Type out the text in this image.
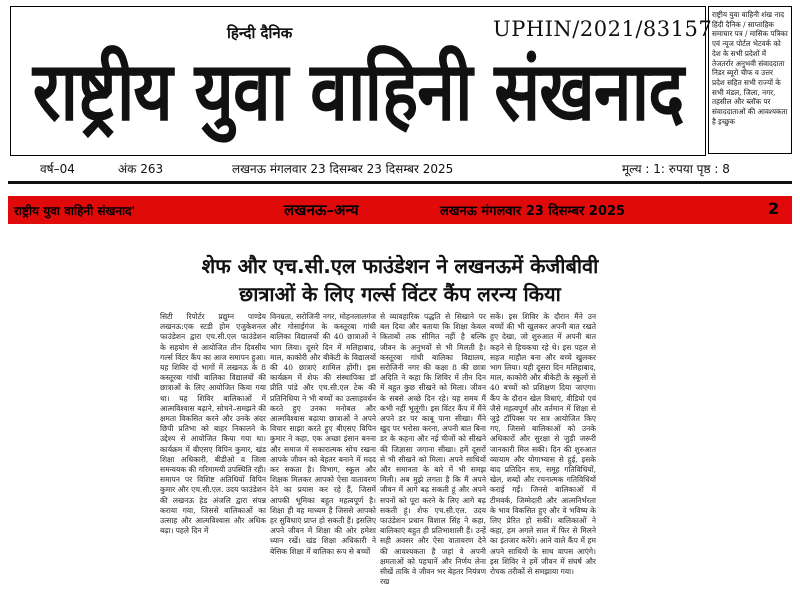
हिन्दी दैनिक	UPHIN/2021/83157
राष्ट्रीय युवा वाहिनी संखनाद
राष्ट्रीय युवा वाहिनी शंख नाद हिंदी दैनिक / साप्ताहिक समाचार पत्र / मासिक पत्रिका एवं न्यूज पोर्टल भेटवर्क को देश के सभी प्रदेशों में तेजतर्रार अनुभवी संवाददाता निडर ब्यूरो चीफ व उत्तर प्रदेश सहित सभी राज्यों के सभी मंडल, जिला, नगर, तहसील और ब्लॉक पर संवाददाताओं की आवश्यकता है इच्छुक
वर्ष–04	अंक 263	लखनऊ मंगलवार 23 दिसम्बर 23 दिसम्बर 2025	मूल्य : 1: रुपया पृष्ठ : 8
राष्ट्रीय युवा वाहिनी संखनाद'	लखनऊ–अन्य	लखनऊ मंगलवार 23 दिसम्बर 2025	2
शेफ और एच.सी.एल फाउंडेशन ने लखनऊमें केजीबीवी
छात्राओं के लिए गर्ल्स विंटर कैंप लरन्य किया
सिटी रिपोर्टर प्रद्युम्न पाण्डेय लखनऊ:एक स्टडी होम एजुकेशनल फाउंडेशन द्वारा एच.सी.एल फाउंडेशन के सहयोग से आयोजित तीन दिवसीय गर्ल्स विंटर कैंप का आज समापन हुआ। यह शिविर दो भागों में लखनऊ के 8 कस्तूरबा गांधी बालिका विद्यालयों की छात्राओं के लिए आयोजित किया गया था। यह शिविर बालिकाओं में आत्मविश्वास बढ़ाने, सोचने–समझने की क्षमता विकसित करने और उनके अंदर छिपी प्रतिभा को बाहर निकालने के उद्देश्य से आयोजित किया गया था। कार्यक्रम में बीएसए विपिन कुमार, खंड शिक्षा अधिकारी, बीडीओ व जिला समन्वयक की गरिमामयी उपस्थिति रही। समापन पर विशिष्ट अतिथियों विपिन कुमार और एच.सी.एल. उदय फाउंडेशन की लखनऊ हेड अंजलि द्वारा संपन्न कराया गया, जिससे बालिकाओं का उत्साह और आत्मविश्वास और अधिक बढ़ा। पहले दिन में
विनम्रता, सरोजिनी नगर, मोहनलालगंज और गोसाईगंज के कस्तूरबा गांधी बालिका विद्यालयों की 40 छात्राओं ने भाग लिया। दूसरे दिन में मलिहाबाद, माल, काकोरी और बीकेटी के विद्यालयों की 40 छात्राएं शामिल होंगी। इस कार्यक्रम में शेफ की संस्थापिका डॉ प्रीति पांडे और एच.सी.एल टेक की प्रतिनिधिया ने भी बच्चों का उत्साहवर्धन करते हुए उनका मनोबल और आत्मविश्वास बढ़ाया छात्राओं ने अपने विचार साझा करते हुए बीएसए विपिन कुमार ने कहा, एक अच्छा इंसान बनना और समाज में सकारात्मक सोच रखना आपके जीवन को बेहतर बनाने में मदद कर सकता है। विभाग, स्कूल और शिक्षक मिलकर आपको ऐसा वातावरण देने का प्रयास कर रहे हैं, जिसमें आपकी भूमिका बहुत महत्वपूर्ण है। शिक्षा ही वह माध्यम है जिससे आपको हर सुविधाएं प्राप्त हो सकती हैं। इसलिए अपने जीवन में शिक्षा की ओर हमेशा ध्यान रखें। खंड शिक्षा अधिकारी ने बेसिक शिक्षा में बालिका रूप से बच्चों
से व्यावहारिक पद्धति से सिखाने पर बल दिया और बताया कि शिक्षा केवल किताबों तक सीमित नहीं है बल्कि जीवन के अनुभवों से भी मिलती है। कस्तूरबा गांधी बालिका विद्यालय, सरोजिनी नगर की कक्षा 8 की छात्रा अदिति ने कहा कि शिविर में तीन दिन में बहुत कुछ सीखने को मिला। जीवन के सबसे अच्छे दिन रहे। यह समय मैं कभी नहीं भूलूंगी। इस विंटर कैंप में मैंने अपने डर पर काबू पाना सीखा। मैंने खुद पर भरोसा करना, अपनी बात बिना डर के कहना और नई चीजों को सीखने की जिज्ञासा जगाना सीखा। हमें दूसरों से भी सीखने को मिला। अपने साथियों और समानता के बारे में भी समझ मिली। अब मुझे लगता है कि मैं अपने जीवन में आगे बढ़ सकती हूं और अपने सपनों को पूरा करने के लिए आगे बढ़ सकती हूं। शेफ एच.सी.एल. उदय फाउंडेशन प्रधान विशाल सिंह ने कहा, बालिकाएं बहुत ही प्रतिभाशाली हैं। उन्हें सही अवसर और ऐसा वातावरण देने की आवश्यकता है जहां वे अपनी क्षमताओं को पहचानें और निर्णय लेना सीखें ताकि वे जीवन भर बेहतर नियंत्रण रख
सकें। इस शिविर के दौरान मैंने उन बच्चों की भी खुलकर अपनी बात रखते हुए देखा, जो शुरुआत में अपनी बात कहने से हिचकचा रहे थे। इस पहल से सहज माहौल बना और बच्चे खुलकर भाग लिया। यही दूसरा दिन मलिहाबाद, माल, काकोरी और बीकेटी के स्कूलों से 40 बच्चों को प्रशिक्षण दिया जाएगा। कैंप के दौरान खेल विधाएं, वीडियो एवं जैसे महत्वपूर्ण और वर्तमान में शिक्षा से जुड़े टॉपिक्स पर सत्र आयोजित किए गए, जिससे बालिकाओं को उनके अधिकारों और सुरक्षा से जुड़ी जरूरी जानकारी मिल सकी। दिन की शुरुआत व्यायाम और योगाभ्यास से हुई, इसके बाद प्रतिदिन सत्र, समूह गतिविधियों, खेल, शब्दों और रचनात्मक गतिविधियों कराई गईं। जिनसे बालिकाओं में टीमवर्क, जिम्मेदारी और आत्मनिर्भरता के भाव विकसित हुए और वे भविष्य के लिए प्रेरित हो सकीं। बालिकाओं ने कहा, हम अगले साल में फिर से मिलने का इंतजार करेंगे। आने वाले कैंप में हम अपने साथियों के साथ वापस आएंगे। इस शिविर ने हमें जीवन में संघर्ष और रोचक तरीकों से समझाया गया।
